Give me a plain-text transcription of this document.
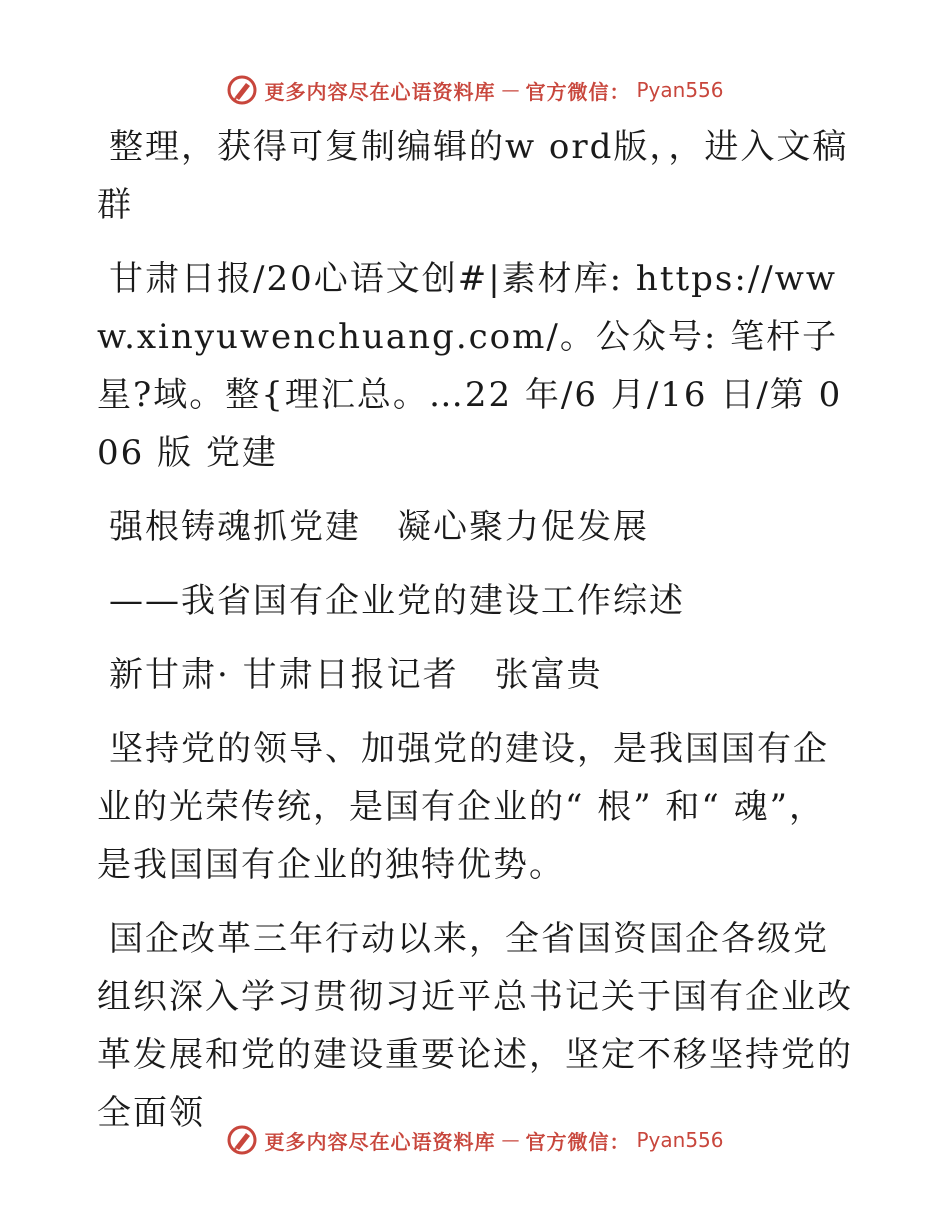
更多内容尽在心语资料库 — 官方微信： Pyan556

整理，获得可复制编辑的w ord版，，进入文稿群

甘肃日报/20心语文创#|素材库: https://www.xinyuwenchuang.com/。公众号: 笔杆子星?域。整{理汇总。…22 年/6 月/16 日/第 006 版 党建

强根铸魂抓党建　凝心聚力促发展

——我省国有企业党的建设工作综述

新甘肃· 甘肃日报记者　张富贵

坚持党的领导、加强党的建设，是我国国有企业的光荣传统，是国有企业的“ 根” 和“ 魂”，是我国国有企业的独特优势。

国企改革三年行动以来，全省国资国企各级党组织深入学习贯彻习近平总书记关于国有企业改革发展和党的建设重要论述，坚定不移坚持党的全面领

更多内容尽在心语资料库 — 官方微信： Pyan556
